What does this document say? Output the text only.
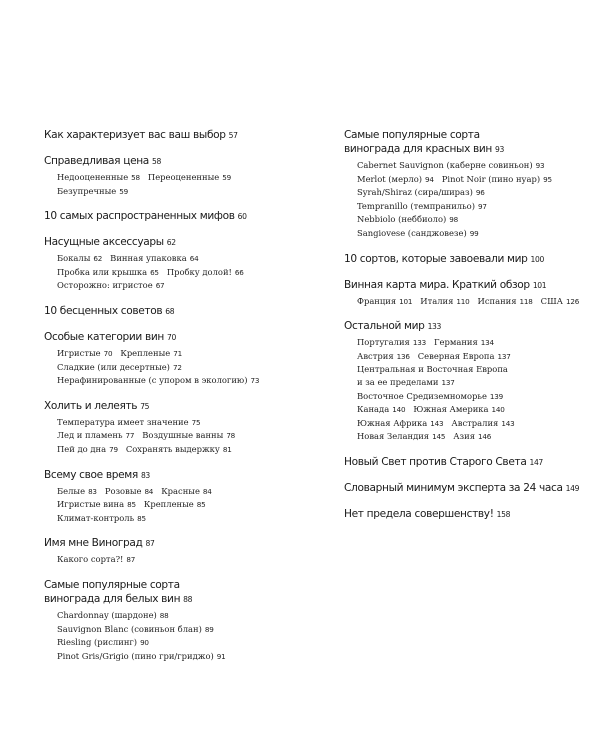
Как характеризует вас ваш выбор 57
Справедливая цена 58
Недооцененные 58 Переоцененные 59
Безупречные 59
10 самых распространенных мифов 60
Насущные аксессуары 62
Бокалы 62 Винная упаковка 64
Пробка или крышка 65 Пробку долой! 66
Осторожно: игристое 67
10 бесценных советов 68
Особые категории вин 70
Игристые 70 Крепленые 71
Сладкие (или десертные) 72
Нерафинированные (с упором в экологию) 73
Холить и лелеять 75
Температура имеет значение 75
Лед и пламень 77 Воздушные ванны 78
Пей до дна 79 Сохранять выдержку 81
Всему свое время 83
Белые 83 Розовые 84 Красные 84
Игристые вина 85 Крепленые 85
Климат-контроль 85
Имя мне Виноград 87
Какого сорта?! 87
Самые популярные сорта
винограда для белых вин 88
Chardonnay (шардоне) 88
Sauvignon Blanc (совиньон блан) 89
Riesling (рислинг) 90
Pinot Gris/Grigio (пино гри/гриджо) 91
Самые популярные сорта
винограда для красных вин 93
Cabernet Sauvignon (каберне совиньон) 93
Merlot (мерло) 94 Pinot Noir (пино нуар) 95
Syrah/Shiraz (сира/шираз) 96
Tempranillo (темпранильо) 97
Nebbiolo (неббиоло) 98
Sangiovese (санджовезе) 99
10 сортов, которые завоевали мир 100
Винная карта мира. Краткий обзор 101
Франция 101 Италия 110 Испания 118 США 126
Остальной мир 133
Португалия 133 Германия 134
Австрия 136 Северная Европа 137
Центральная и Восточная Европа
и за ее пределами 137
Восточное Средиземноморье 139
Канада 140 Южная Америка 140
Южная Африка 143 Австралия 143
Новая Зеландия 145 Азия 146
Новый Свет против Старого Света 147
Словарный минимум эксперта за 24 часа 149
Нет предела совершенству! 158
